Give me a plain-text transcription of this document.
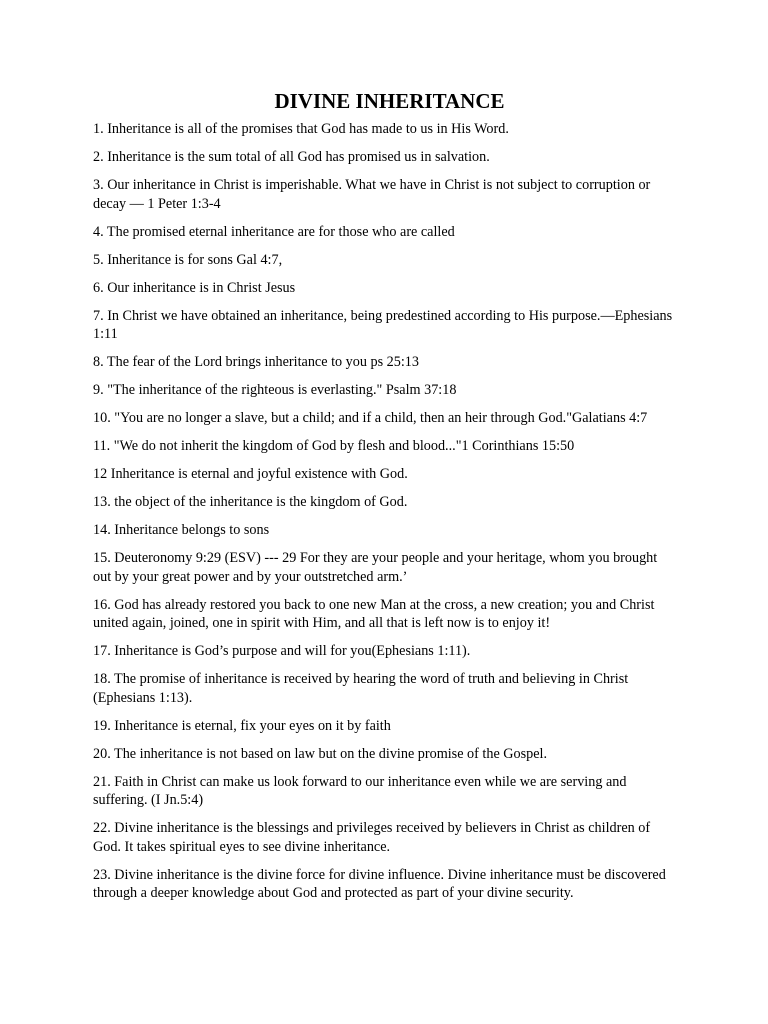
DIVINE INHERITANCE

1. Inheritance is all of the promises that God has made to us in His Word.

2. Inheritance is the sum total of all God has promised us in salvation.

3. Our inheritance in Christ is imperishable. What we have in Christ is not subject to corruption or decay — 1 Peter 1:3-4

4. The promised eternal inheritance are for those who are called

5. Inheritance is for sons Gal 4:7,

6. Our inheritance is in Christ Jesus

7. In Christ we have obtained an inheritance, being predestined according to His purpose.—Ephesians 1:11

8. The fear of the Lord brings inheritance to you ps 25:13

9. "The inheritance of the righteous is everlasting." Psalm 37:18

10. "You are no longer a slave, but a child; and if a child, then an heir through God."Galatians 4:7

11. "We do not inherit the kingdom of God by flesh and blood..."1 Corinthians 15:50

12 Inheritance is eternal and joyful existence with God.

13. the object of the inheritance is the kingdom of God.

14. Inheritance belongs to sons

15. Deuteronomy 9:29 (ESV) --- 29 For they are your people and your heritage, whom you brought out by your great power and by your outstretched arm.’

16. God has already restored you back to one new Man at the cross, a new creation; you and Christ united again, joined, one in spirit with Him, and all that is left now is to enjoy it!

17. Inheritance is God’s purpose and will for you(Ephesians 1:11).

18. The promise of inheritance is received by hearing the word of truth and believing in Christ (Ephesians 1:13).

19. Inheritance is eternal, fix your eyes on it by faith

20. The inheritance is not based on law but on the divine promise of the Gospel.

21. Faith in Christ can make us look forward to our inheritance even while we are serving and suffering. (I Jn.5:4)

22. Divine inheritance is the blessings and privileges received by believers in Christ as children of God. It takes spiritual eyes to see divine inheritance.

23. Divine inheritance is the divine force for divine influence. Divine inheritance must be discovered through a deeper knowledge about God and protected as part of your divine security.
